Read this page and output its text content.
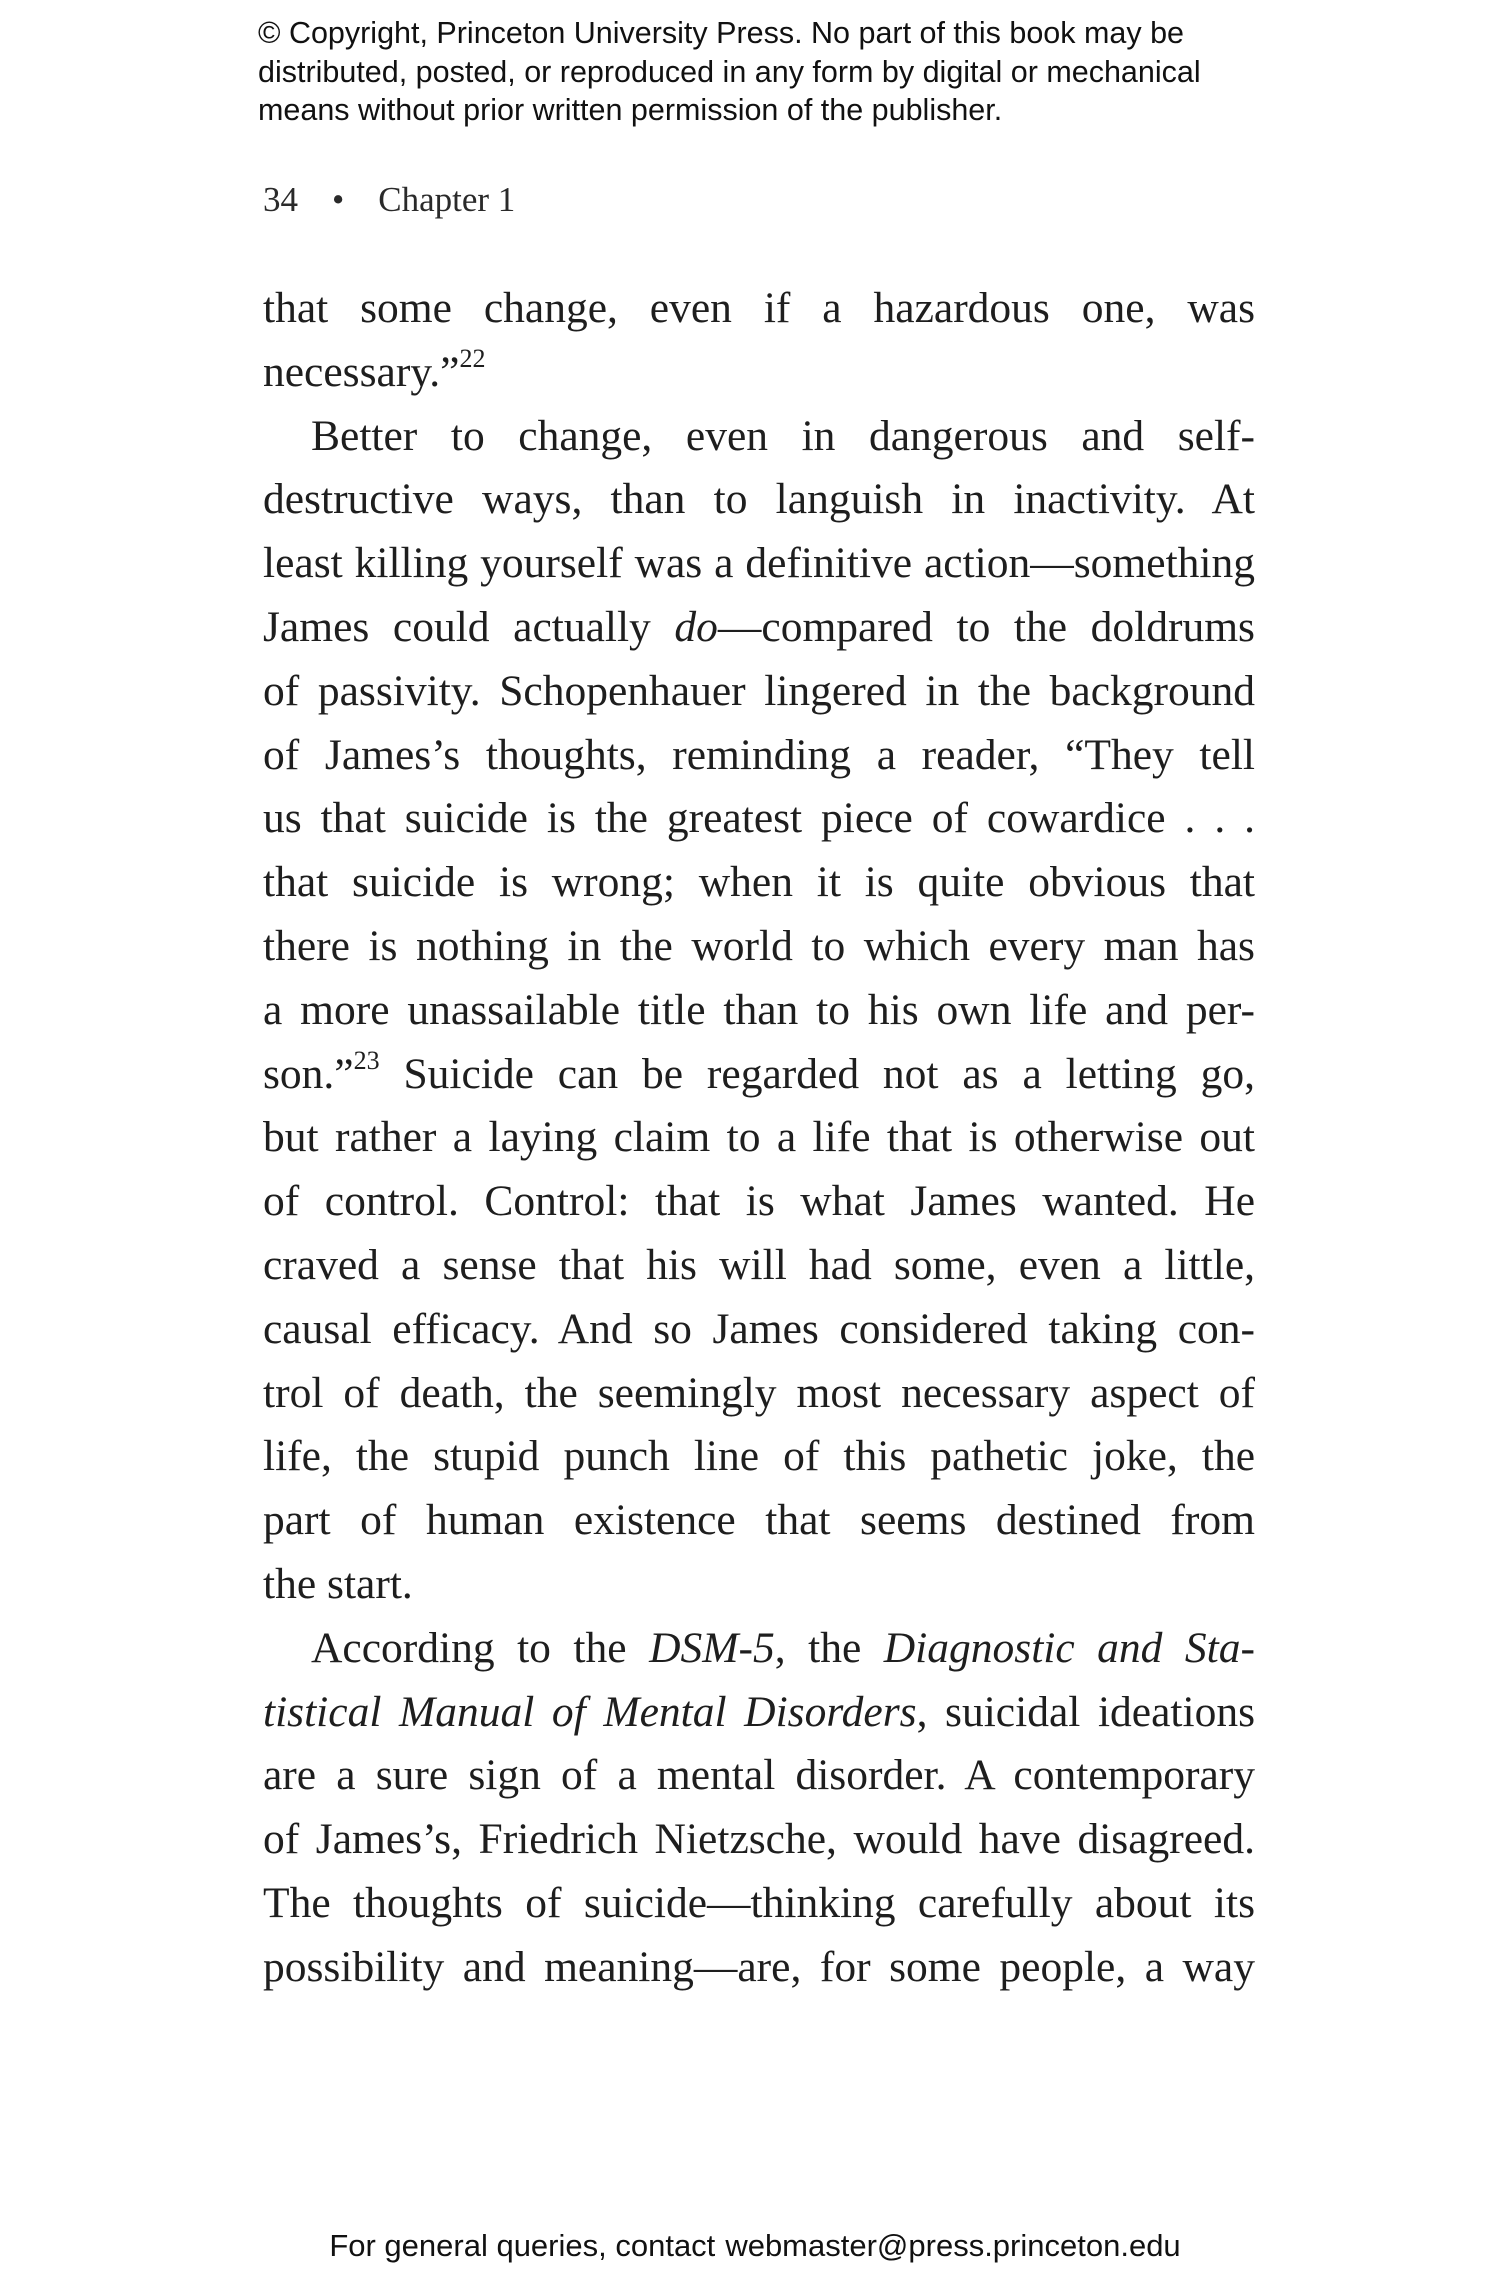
© Copyright, Princeton University Press. No part of this book may be
distributed, posted, or reproduced in any form by digital or mechanical
means without prior written permission of the publisher.
34 • Chapter 1
that some change, even if a hazardous one, was
necessary.”$^{22}$
Better to change, even in dangerous and self-
destructive ways, than to languish in inactivity. At
least killing yourself was a definitive action—something
James could actually do—compared to the doldrums
of passivity. Schopenhauer lingered in the background
of James’s thoughts, reminding a reader, “They tell
us that suicide is the greatest piece of cowardice . . .
that suicide is wrong; when it is quite obvious that
there is nothing in the world to which every man has
a more unassailable title than to his own life and per-
son.”$^{23}$ Suicide can be regarded not as a letting go,
but rather a laying claim to a life that is otherwise out
of control. Control: that is what James wanted. He
craved a sense that his will had some, even a little,
causal efficacy. And so James considered taking con-
trol of death, the seemingly most necessary aspect of
life, the stupid punch line of this pathetic joke, the
part of human existence that seems destined from
the start.
According to the DSM-5, the Diagnostic and Sta-
tistical Manual of Mental Disorders, suicidal ideations
are a sure sign of a mental disorder. A contemporary
of James’s, Friedrich Nietzsche, would have disagreed.
The thoughts of suicide—thinking carefully about its
possibility and meaning—are, for some people, a way
For general queries, contact webmaster@press.princeton.edu
